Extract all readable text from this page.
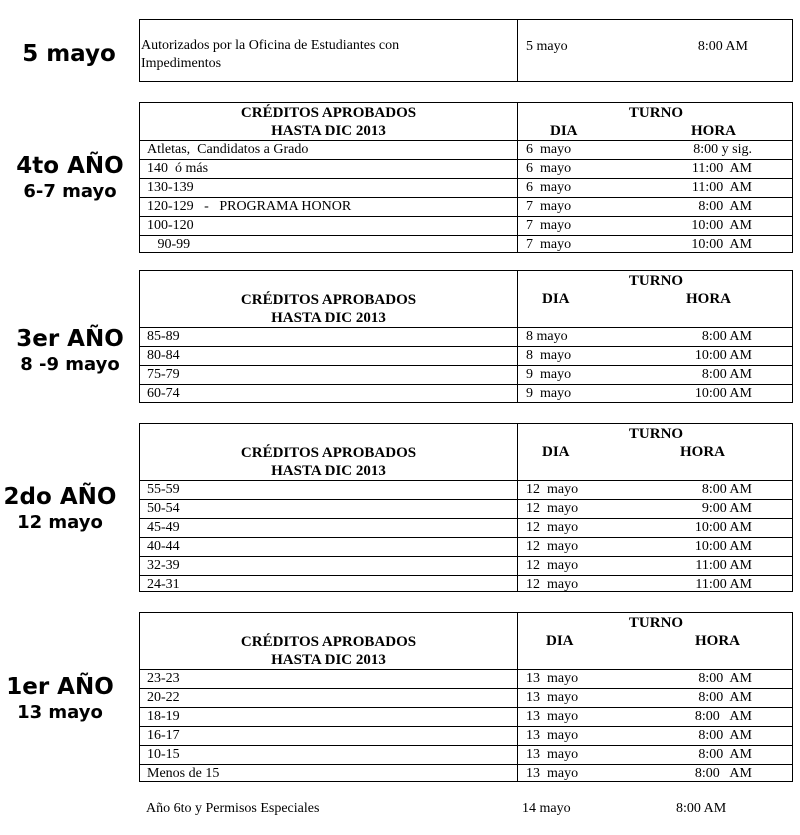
5 mayo	Autorizados por la Oficina de Estudiantes con Impedimentos
5 mayo	8:00 AM
4to AÑO
6-7 mayo
CRÉDITOS APROBADOS
HASTA DIC 2013
TURNO
DIA	HORA
Atletas,  Candidatos a Grado	6  mayo	8:00 y sig.
140  ó más	6  mayo	11:00  AM
130-139	6  mayo	11:00  AM
120-129   -   PROGRAMA HONOR	7  mayo	8:00  AM
100-120	7  mayo	10:00  AM
90-99	7  mayo	10:00  AM
3er AÑO
8 -9 mayo
TURNO
DIA	HORA
CRÉDITOS APROBADOS
HASTA DIC 2013
85-89	8 mayo	8:00 AM
80-84	8  mayo	10:00 AM
75-79	9  mayo	8:00 AM
60-74	9  mayo	10:00 AM
2do AÑO
12 mayo
TURNO
DIA	HORA
CRÉDITOS APROBADOS
HASTA DIC 2013
55-59	12  mayo	8:00 AM
50-54	12  mayo	9:00 AM
45-49	12  mayo	10:00 AM
40-44	12  mayo	10:00 AM
32-39	12  mayo	11:00 AM
24-31	12  mayo	11:00 AM
1er AÑO
13 mayo
TURNO
DIA	HORA
CRÉDITOS APROBADOS
HASTA DIC 2013
23-23	13  mayo	8:00  AM
20-22	13  mayo	8:00  AM
18-19	13  mayo	8:00   AM
16-17	13  mayo	8:00  AM
10-15	13  mayo	8:00  AM
Menos de 15	13  mayo	8:00   AM
Año 6to y Permisos Especiales	14 mayo	8:00 AM
